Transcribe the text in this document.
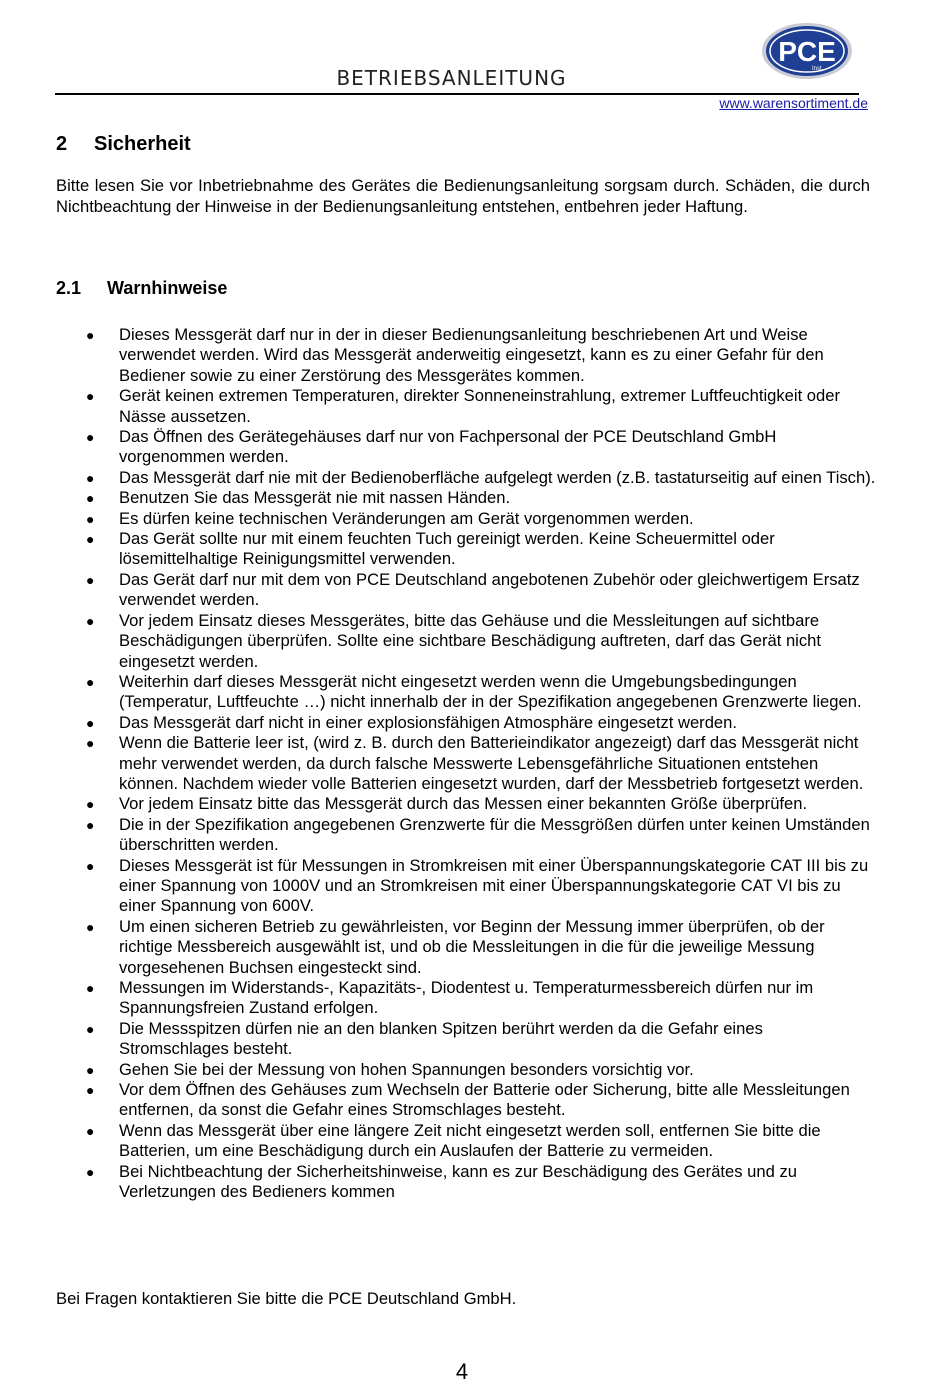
BETRIEBSANLEITUNG
PCE
Inst.
www.warensortiment.de
2 Sicherheit
Bitte lesen Sie vor Inbetriebnahme des Gerätes die Bedienungsanleitung sorgsam durch. Schäden, die durch Nichtbeachtung der Hinweise in der Bedienungsanleitung entstehen, entbehren jeder Haftung.
2.1 Warnhinweise
● Dieses Messgerät darf nur in der in dieser Bedienungsanleitung beschriebenen Art und Weise verwendet werden. Wird das Messgerät anderweitig eingesetzt, kann es zu einer Gefahr für den Bediener sowie zu einer Zerstörung des Messgerätes kommen.
● Gerät keinen extremen Temperaturen, direkter Sonneneinstrahlung, extremer Luftfeuchtigkeit oder Nässe aussetzen.
● Das Öffnen des Gerätegehäuses darf nur von Fachpersonal der PCE Deutschland GmbH vorgenommen werden.
● Das Messgerät darf nie mit der Bedienoberfläche aufgelegt werden (z.B. tastaturseitig auf einen Tisch).
● Benutzen Sie das Messgerät nie mit nassen Händen.
● Es dürfen keine technischen Veränderungen am Gerät vorgenommen werden.
● Das Gerät sollte nur mit einem feuchten Tuch gereinigt werden. Keine Scheuermittel oder lösemittelhaltige Reinigungsmittel verwenden.
● Das Gerät darf nur mit dem von PCE Deutschland angebotenen Zubehör oder gleichwertigem Ersatz verwendet werden.
● Vor jedem Einsatz dieses Messgerätes, bitte das Gehäuse und die Messleitungen auf sichtbare Beschädigungen überprüfen. Sollte eine sichtbare Beschädigung auftreten, darf das Gerät nicht eingesetzt werden.
● Weiterhin darf dieses Messgerät nicht eingesetzt werden wenn die Umgebungsbedingungen (Temperatur, Luftfeuchte …) nicht innerhalb der in der Spezifikation angegebenen Grenzwerte liegen.
● Das Messgerät darf nicht in einer explosionsfähigen Atmosphäre eingesetzt werden.
● Wenn die Batterie leer ist, (wird z. B. durch den Batterieindikator angezeigt) darf das Messgerät nicht mehr verwendet werden, da durch falsche Messwerte Lebensgefährliche Situationen entstehen können. Nachdem wieder volle Batterien eingesetzt wurden, darf der Messbetrieb fortgesetzt werden.
● Vor jedem Einsatz bitte das Messgerät durch das Messen einer bekannten Größe überprüfen.
● Die in der Spezifikation angegebenen Grenzwerte für die Messgrößen dürfen unter keinen Umständen überschritten werden.
● Dieses Messgerät ist für Messungen in Stromkreisen mit einer Überspannungskategorie CAT III bis zu einer Spannung von 1000V und an Stromkreisen mit einer Überspannungskategorie CAT VI bis zu einer Spannung von 600V.
● Um einen sicheren Betrieb zu gewährleisten, vor Beginn der Messung immer überprüfen, ob der richtige Messbereich ausgewählt ist, und ob die Messleitungen in die für die jeweilige Messung vorgesehenen Buchsen eingesteckt sind.
● Messungen im Widerstands-, Kapazitäts-, Diodentest u. Temperaturmessbereich dürfen nur im Spannungsfreien Zustand erfolgen.
● Die Messspitzen dürfen nie an den blanken Spitzen berührt werden da die Gefahr eines Stromschlages besteht.
● Gehen Sie bei der Messung von hohen Spannungen besonders vorsichtig vor.
● Vor dem Öffnen des Gehäuses zum Wechseln der Batterie oder Sicherung, bitte alle Messleitungen entfernen, da sonst die Gefahr eines Stromschlages besteht.
● Wenn das Messgerät über eine längere Zeit nicht eingesetzt werden soll, entfernen Sie bitte die Batterien, um eine Beschädigung durch ein Auslaufen der Batterie zu vermeiden.
● Bei Nichtbeachtung der Sicherheitshinweise, kann es zur Beschädigung des Gerätes und zu Verletzungen des Bedieners kommen
Bei Fragen kontaktieren Sie bitte die PCE Deutschland GmbH.
4
